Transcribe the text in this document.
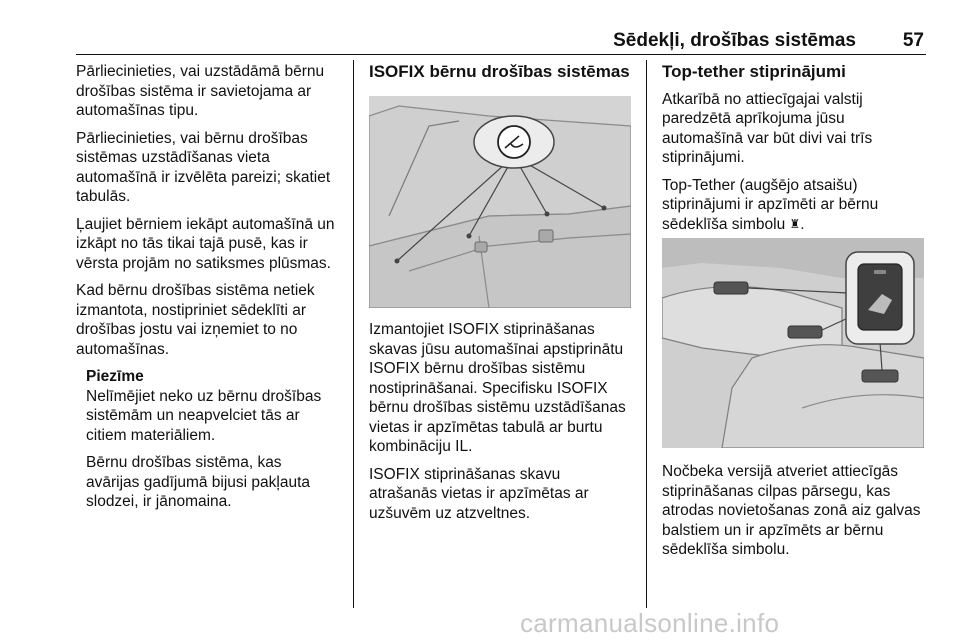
Sēdekļi, drošības sistēmas 57

Pārliecinieties, vai uzstādāmā bērnu
drošības sistēma ir savietojama ar
automašīnas tipu.

Pārliecinieties, vai bērnu drošības
sistēmas uzstādīšanas vieta
automašīnā ir izvēlēta pareizi; skatiet
tabulās.

Ļaujiet bērniem iekāpt automašīnā un
izkāpt no tās tikai tajā pusē, kas ir
vērsta projām no satiksmes plūsmas.

Kad bērnu drošības sistēma netiek
izmantota, nostipriniet sēdeklīti ar
drošības jostu vai izņemiet to no
automašīnas.

Piezīme

Nelīmējiet neko uz bērnu drošības
sistēmām un neapvelciet tās ar
citiem materiāliem.

Bērnu drošības sistēma, kas
avārijas gadījumā bijusi pakļauta
slodzei, ir jānomaina.

ISOFIX bērnu drošības sistēmas

Izmantojiet ISOFIX stiprināšanas
skavas jūsu automašīnai apstiprinātu
ISOFIX bērnu drošības sistēmu
nostiprināšanai. Specifisku ISOFIX
bērnu drošības sistēmu uzstādīšanas
vietas ir apzīmētas tabulā ar burtu
kombināciju IL.

ISOFIX stiprināšanas skavu
atrašanās vietas ir apzīmētas ar
uzšuvēm uz atzveltnes.

Top-tether stiprinājumi

Atkarībā no attiecīgajai valstij
paredzētā aprīkojuma jūsu
automašīnā var būt divi vai trīs
stiprinājumi.

Top-Tether (augšējo atsaišu)
stiprinājumi ir apzīmēti ar bērnu
sēdeklīša simbolu ♜.

Nočbeka versijā atveriet attiecīgās
stiprināšanas cilpas pārsegu, kas
atrodas novietošanas zonā aiz galvas
balstiem un ir apzīmēts ar bērnu
sēdeklīša simbolu.

carmanualsonline.info
